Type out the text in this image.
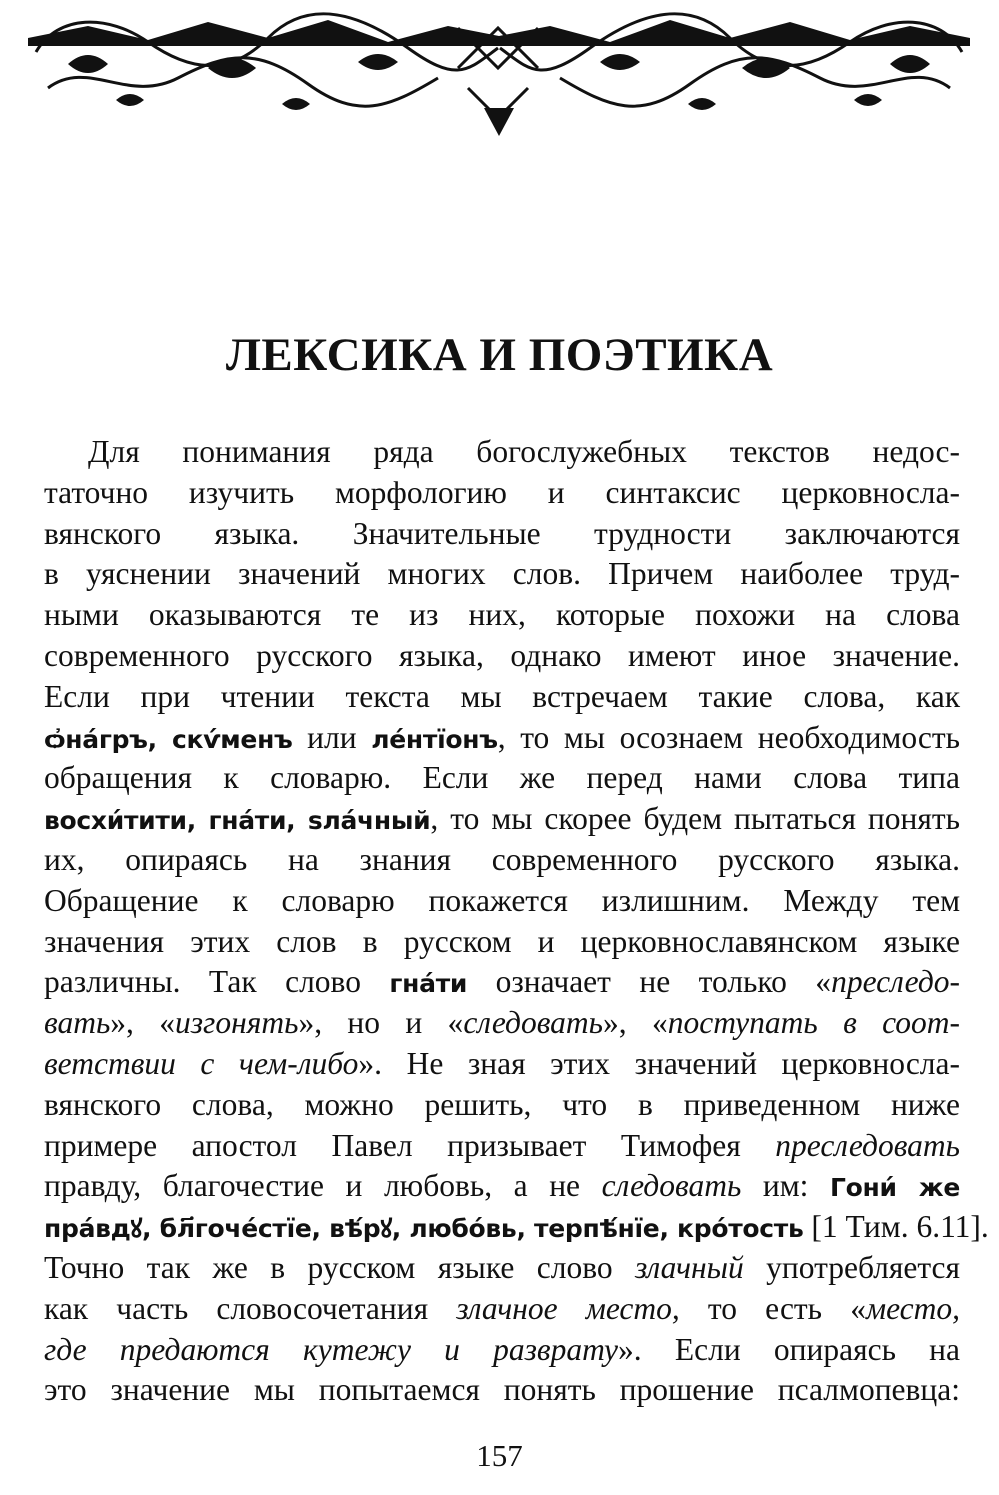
ЛЕКСИКА И ПОЭТИКА
Для понимания ряда богослужебных текстов недос-
таточно изучить морфологию и синтаксис церковносла-
вянского языка. Значительные трудности заключаются
в уяснении значений многих слов. Причем наиболее труд-
ными оказываются те из них, которые похожи на слова
современного русского языка, однако имеют иное значение.
Если при чтении текста мы встречаем такие слова, как
ѻ҆на́гръ, скѵ́менъ или ле́нтїонъ, то мы осознаем необходимость
обращения к словарю. Если же перед нами слова типа
восхи́тити, гна́ти, ѕла́чный, то мы скорее будем пытаться понять
их, опираясь на знания современного русского языка.
Обращение к словарю покажется излишним. Между тем
значения этих слов в русском и церковнославянском языке
различны. Так слово гна́ти означает не только «преследо-
вать», «изгонять», но и «следовать», «поступать в соот-
ветствии с чем-либо». Не зная этих значений церковносла-
вянского слова, можно решить, что в приведенном ниже
примере апостол Павел призывает Тимофея преследовать
правду, благочестие и любовь, а не следовать им: Гони́ же
пра́вдꙋ, бл҃гоче́стїе, вѣ́рꙋ, любо́вь, терпѣ́нїе, кро́тость [1 Тим. 6.11].
Точно так же в русском языке слово злачный употребляется
как часть словосочетания злачное место, то есть «место,
где предаются кутежу и разврату». Если опираясь на
это значение мы попытаемся понять прошение псалмопевца:
157
